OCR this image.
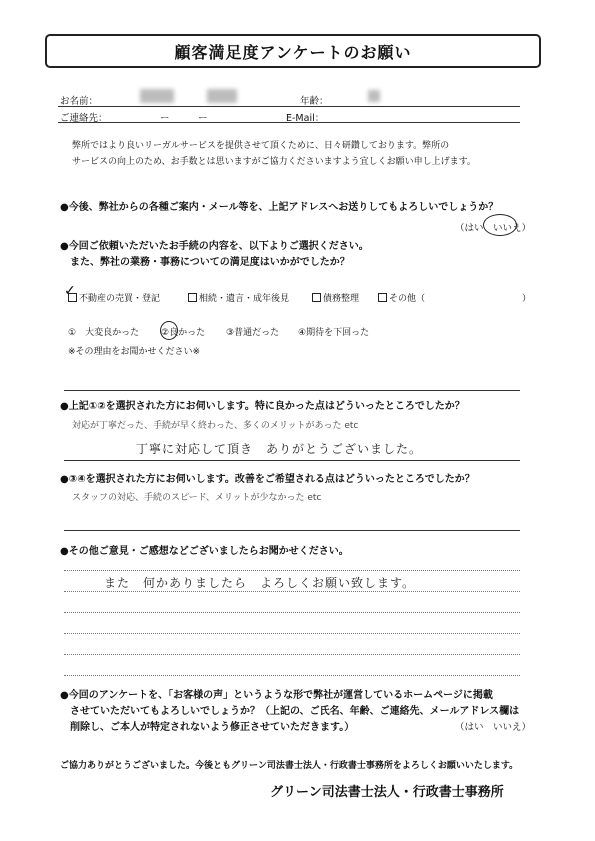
顧客満足度アンケートのお願い
お名前：	年齢：
ご連絡先：	ー　　　ー	E-Mail：
弊所ではより良いリーガルサービスを提供させて頂くために、日々研鑽しております。弊所の
サービスの向上のため、お手数とは思いますがご協力くださいますよう宜しくお願い申し上げます。
●今後、弊社からの各種ご案内・メール等を、上記アドレスへお送りしてもよろしいでしょうか？
（はい　いいえ）
●今回ご依頼いただいたお手続の内容を、以下よりご選択ください。
また、弊社の業務・事務についての満足度はいかがでしたか？
不動産の売買・登記
✓	相続・遺言・成年後見	債務整理	その他（	）
①　大変良かった ②良かった ③普通だった ④期待を下回った
※その理由をお聞かせください※
●上記①②を選択された方にお伺いします。特に良かった点はどういったところでしたか？
対応が丁寧だった、手続が早く終わった、多くのメリットがあった etc
丁寧に対応して頂き　ありがとうございました。
●③④を選択された方にお伺いします。改善をご希望される点はどういったところでしたか？
スタッフの対応、手続のスピード、メリットが少なかった etc
●その他ご意見・ご感想などございましたらお聞かせください。
また　何かありましたら　よろしくお願い致します。
●今回のアンケートを、「お客様の声」というような形で弊社が運営しているホームページに掲載
させていただいてもよろしいでしょうか？（上記の、ご氏名、年齢、ご連絡先、メールアドレス欄は
削除し、ご本人が特定されないよう修正させていただきます。）	（はい　いいえ）
ご協力ありがとうございました。今後ともグリーン司法書士法人・行政書士事務所をよろしくお願いいたします。
グリーン司法書士法人・行政書士事務所
